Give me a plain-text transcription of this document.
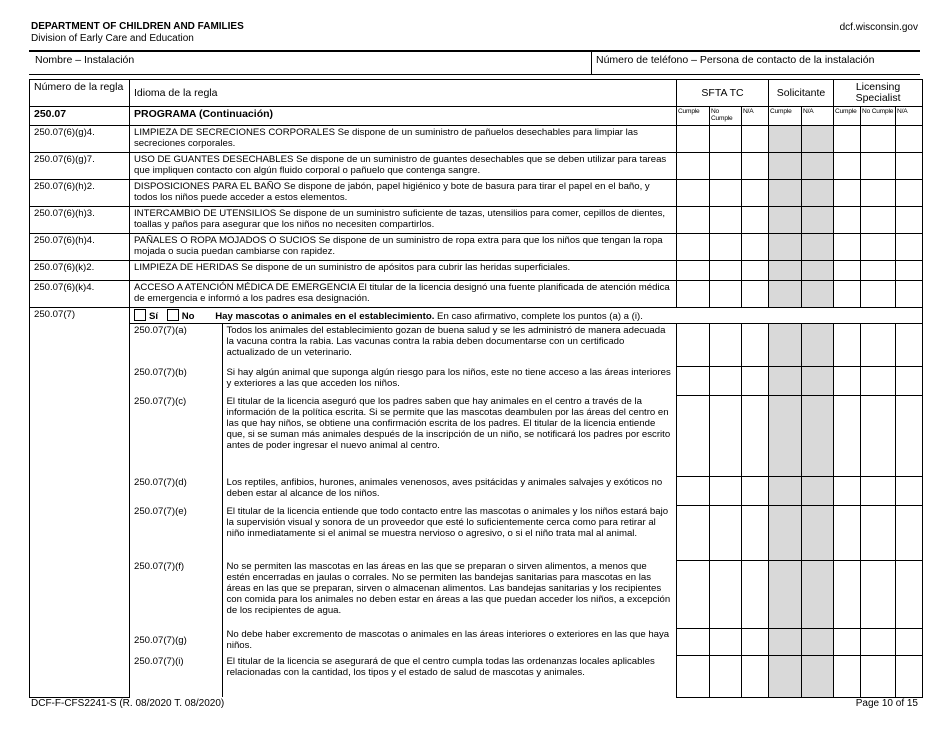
DEPARTMENT OF CHILDREN AND FAMILIES
Division of Early Care and Education
dcf.wisconsin.gov
Nombre – Instalación	Número de teléfono – Persona de contacto de la instalación
Número de la regla	Idioma de la regla	SFTA TC	Solicitante	Licensing Specialist
250.07	PROGRAMA (Continuación)	Cumple	No Cumple	N/A	Cumple	N/A	Cumple	No Cumple	N/A
250.07(6)(g)4.	LIMPIEZA DE SECRECIONES CORPORALES Se dispone de un suministro de pañuelos desechables para limpiar las secreciones corporales.								
250.07(6)(g)7.	USO DE GUANTES DESECHABLES Se dispone de un suministro de guantes desechables que se deben utilizar para tareas que impliquen contacto con algún fluido corporal o pañuelo que contenga sangre.								
250.07(6)(h)2.	DISPOSICIONES PARA EL BAÑO Se dispone de jabón, papel higiénico y bote de basura para tirar el papel en el baño, y todos los niños puede acceder a estos elementos.								
250.07(6)(h)3.	INTERCAMBIO DE UTENSILIOS Se dispone de un suministro suficiente de tazas, utensilios para comer, cepillos de dientes, toallas y paños para asegurar que los niños no necesiten compartirlos.								
250.07(6)(h)4.	PAÑALES O ROPA MOJADOS O SUCIOS Se dispone de un suministro de ropa extra para que los niños que tengan la ropa mojada o sucia puedan cambiarse con rapidez.								
250.07(6)(k)2.	LIMPIEZA DE HERIDAS Se dispone de un suministro de apósitos para cubrir las heridas superficiales.								
250.07(6)(k)4.	ACCESO A ATENCIÓN MÉDICA DE EMERGENCIA El titular de la licencia designó una fuente planificada de atención médica de emergencia e informó a los padres esa designación.								
250.07(7)	Sí No Hay mascotas o animales en el establecimiento. En caso afirmativo, complete los puntos (a) a (i).

250.07(7)(a)	Todos los animales del establecimiento gozan de buena salud y se les administró de manera adecuada la vacuna contra la rabia. Las vacunas contra la rabia deben documentarse con un certificado actualizado de un veterinario.

250.07(7)(b)	Si hay algún animal que suponga algún riesgo para los niños, este no tiene acceso a las áreas interiores y exteriores a las que acceden los niños.

250.07(7)(c)	El titular de la licencia aseguró que los padres saben que hay animales en el centro a través de la información de la política escrita. Si se permite que las mascotas deambulen por las áreas del centro en las que hay niños, se obtiene una confirmación escrita de los padres. El titular de la licencia entiende que, si se suman más animales después de la inscripción de un niño, se notificará los padres por escrito antes de poder ingresar el nuevo animal al centro.

250.07(7)(d)	Los reptiles, anfibios, hurones, animales venenosos, aves psitácidas y animales salvajes y exóticos no deben estar al alcance de los niños.

250.07(7)(e)	El titular de la licencia entiende que todo contacto entre las mascotas o animales y los niños estará bajo la supervisión visual y sonora de un proveedor que esté lo suficientemente cerca como para retirar al niño inmediatamente si el animal se muestra nervioso o agresivo, o si el niño trata mal al animal.

250.07(7)(f)	No se permiten las mascotas en las áreas en las que se preparan o sirven alimentos, a menos que estén encerradas en jaulas o corrales. No se permiten las bandejas sanitarias para mascotas en las áreas en las que se preparan, sirven o almacenan alimentos. Las bandejas sanitarias y los recipientes con comida para los animales no deben estar en áreas a las que puedan acceder los niños, a excepción de los recipientes de agua.

250.07(7)(g)	No debe haber excremento de mascotas o animales en las áreas interiores o exteriores en las que haya niños.

250.07(7)(i)	El titular de la licencia se asegurará de que el centro cumpla todas las ordenanzas locales aplicables relacionadas con la cantidad, los tipos y el estado de salud de mascotas y animales.

DCF-F-CFS2241-S (R. 08/2020 T. 08/2020)	Page 10 of 15
